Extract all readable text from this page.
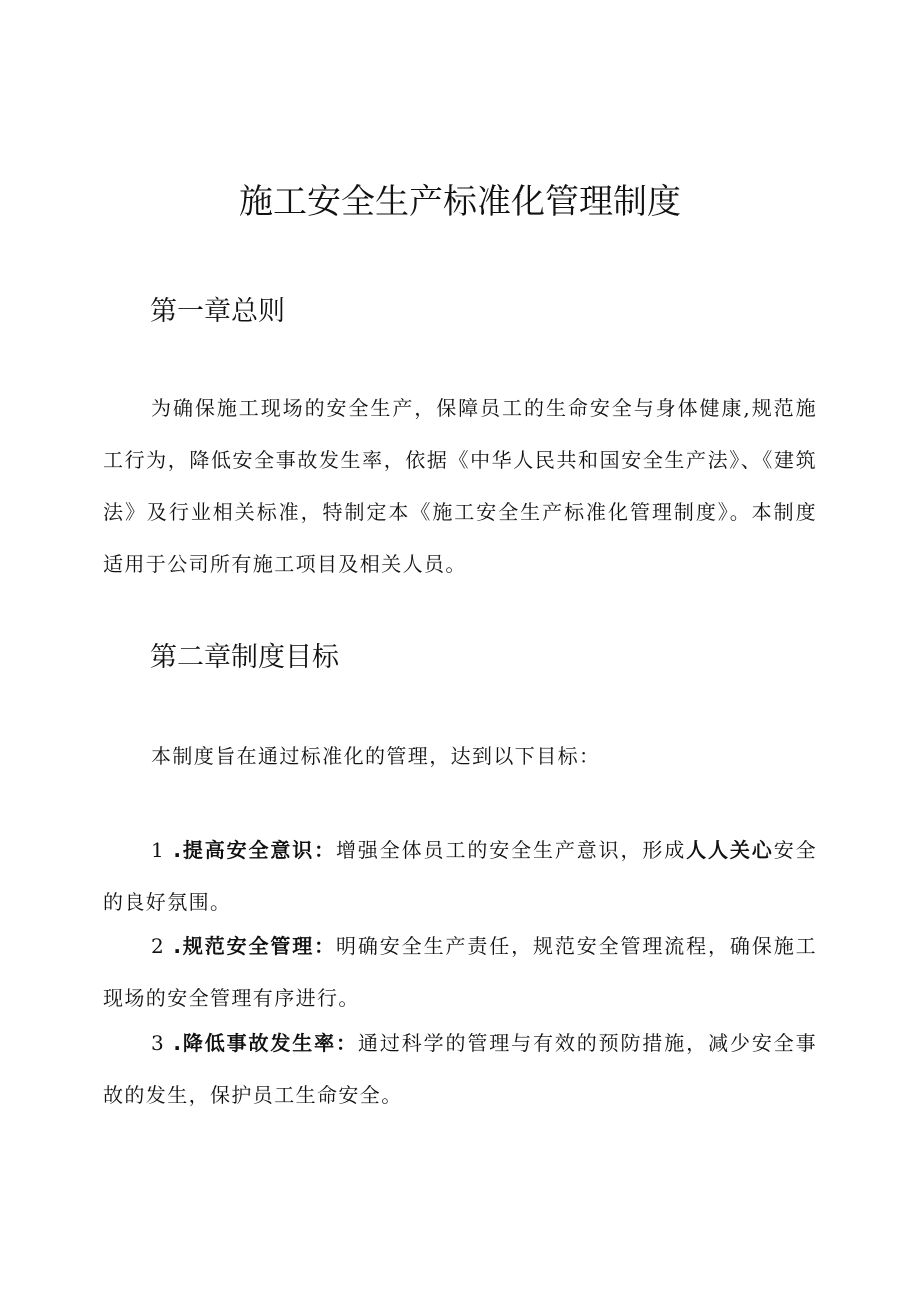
施工安全生产标准化管理制度
第一章总则

为确保施工现场的安全生产，保障员工的生命安全与身体健康,规范施工行为，降低安全事故发生率，依据《中华人民共和国安全生产法》、《建筑法》及行业相关标准，特制定本《施工安全生产标准化管理制度》。本制度适用于公司所有施工项目及相关人员。

第二章制度目标

本制度旨在通过标准化的管理，达到以下目标：

1 .提高安全意识：增强全体员工的安全生产意识，形成人人关心安全的良好氛围。

2 .规范安全管理：明确安全生产责任，规范安全管理流程，确保施工现场的安全管理有序进行。

3 .降低事故发生率：通过科学的管理与有效的预防措施，减少安全事故的发生，保护员工生命安全。
